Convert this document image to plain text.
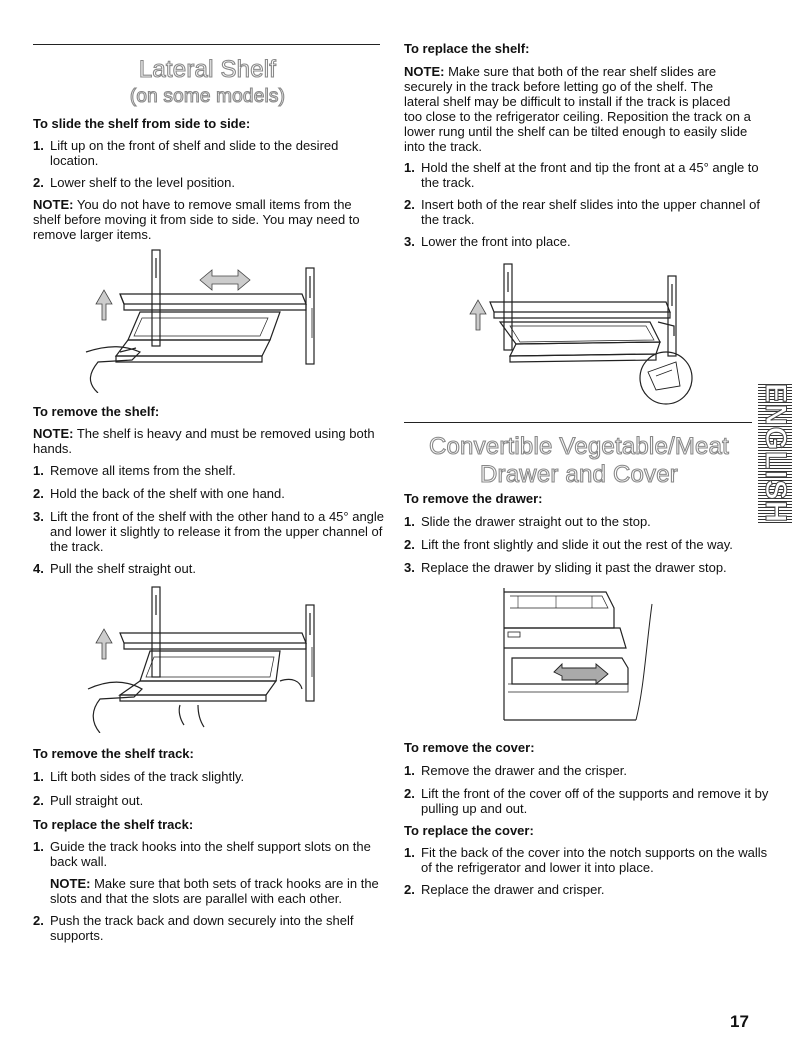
Lateral Shelf
(on some models)
To slide the shelf from side to side:
1. Lift up on the front of shelf and slide to the desired location.
2. Lower shelf to the level position.
NOTE: You do not have to remove small items from the shelf before moving it from side to side. You may need to remove larger items.
To remove the shelf:
NOTE: The shelf is heavy and must be removed using both hands.
1. Remove all items from the shelf.
2. Hold the back of the shelf with one hand.
3. Lift the front of the shelf with the other hand to a 45° angle and lower it slightly to release it from the upper channel of the track.
4. Pull the shelf straight out.
To remove the shelf track:
1. Lift both sides of the track slightly.
2. Pull straight out.
To replace the shelf track:
1. Guide the track hooks into the shelf support slots on the back wall.
NOTE: Make sure that both sets of track hooks are in the slots and that the slots are parallel with each other.
2. Push the track back and down securely into the shelf supports.
To replace the shelf:
NOTE: Make sure that both of the rear shelf slides are securely in the track before letting go of the shelf. The lateral shelf may be difficult to install if the track is placed too close to the refrigerator ceiling. Reposition the track on a lower rung until the shelf can be tilted enough to easily slide into the track.
1. Hold the shelf at the front and tip the front at a 45° angle to the track.
2. Insert both of the rear shelf slides into the upper channel of the track.
3. Lower the front into place.
Convertible Vegetable/Meat
Drawer and Cover
To remove the drawer:
1. Slide the drawer straight out to the stop.
2. Lift the front slightly and slide it out the rest of the way.
3. Replace the drawer by sliding it past the drawer stop.
To remove the cover:
1. Remove the drawer and the crisper.
2. Lift the front of the cover off of the supports and remove it by pulling up and out.
To replace the cover:
1. Fit the back of the cover into the notch supports on the walls of the refrigerator and lower it into place.
2. Replace the drawer and crisper.
ENGLISH
17
